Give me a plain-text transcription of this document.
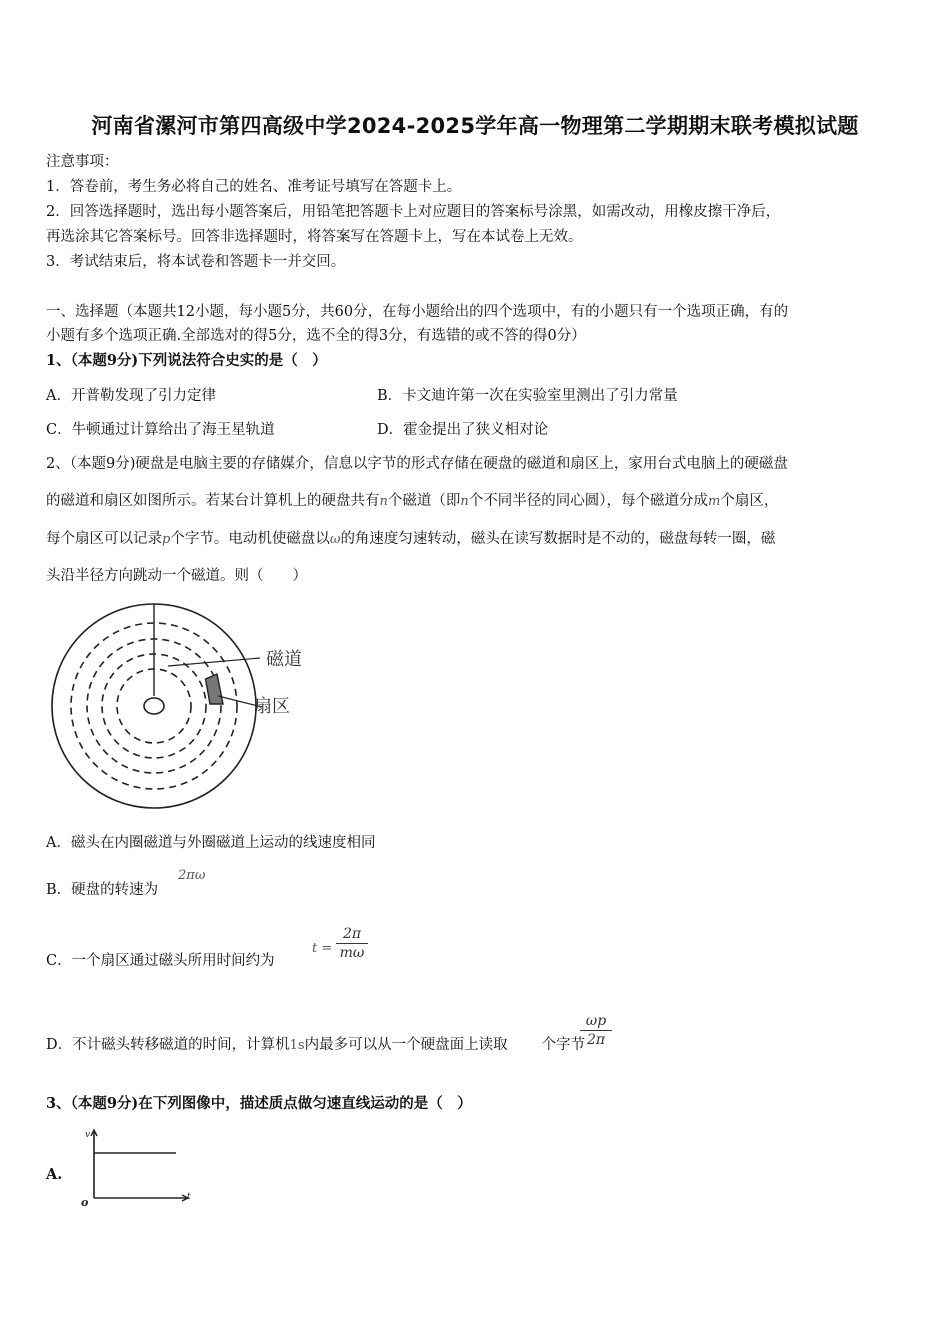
河南省漯河市第四高级中学2024-2025学年高一物理第二学期期末联考模拟试题
注意事项：
1．答卷前，考生务必将自己的姓名、准考证号填写在答题卡上。
2．回答选择题时，选出每小题答案后，用铅笔把答题卡上对应题目的答案标号涂黑，如需改动，用橡皮擦干净后，
再选涂其它答案标号。回答非选择题时，将答案写在答题卡上，写在本试卷上无效。
3．考试结束后，将本试卷和答题卡一并交回。
一、选择题（本题共12小题，每小题5分，共60分，在每小题给出的四个选项中，有的小题只有一个选项正确，有的
小题有多个选项正确.全部选对的得5分，选不全的得3分，有选错的或不答的得0分）
1、（本题9分)下列说法符合史实的是（　）
A．开普勒发现了引力定律	B．卡文迪许第一次在实验室里测出了引力常量
C．牛顿通过计算给出了海王星轨道	D．霍金提出了狭义相对论
2、（本题9分)硬盘是电脑主要的存储媒介，信息以字节的形式存储在硬盘的磁道和扇区上，家用台式电脑上的硬磁盘
的磁道和扇区如图所示。若某台计算机上的硬盘共有n个磁道（即n个不同半径的同心圆），每个磁道分成m个扇区，
每个扇区可以记录p个字节。电动机使磁盘以ω的角速度匀速转动，磁头在读写数据时是不动的，磁盘每转一圈，磁
头沿半径方向跳动一个磁道。则（　　）
磁道
扇区
A．磁头在内圈磁道与外圈磁道上运动的线速度相同
B．硬盘的转速为
2πω
C．一个扇区通过磁头所用时间约为
t =
2π
mω
D．不计磁头转移磁道的时间，计算机1s内最多可以从一个硬盘面上读取 个字节
ωp
2π
3、（本题9分)在下列图像中，描述质点做匀速直线运动的是（　）
A.
v
t
o
